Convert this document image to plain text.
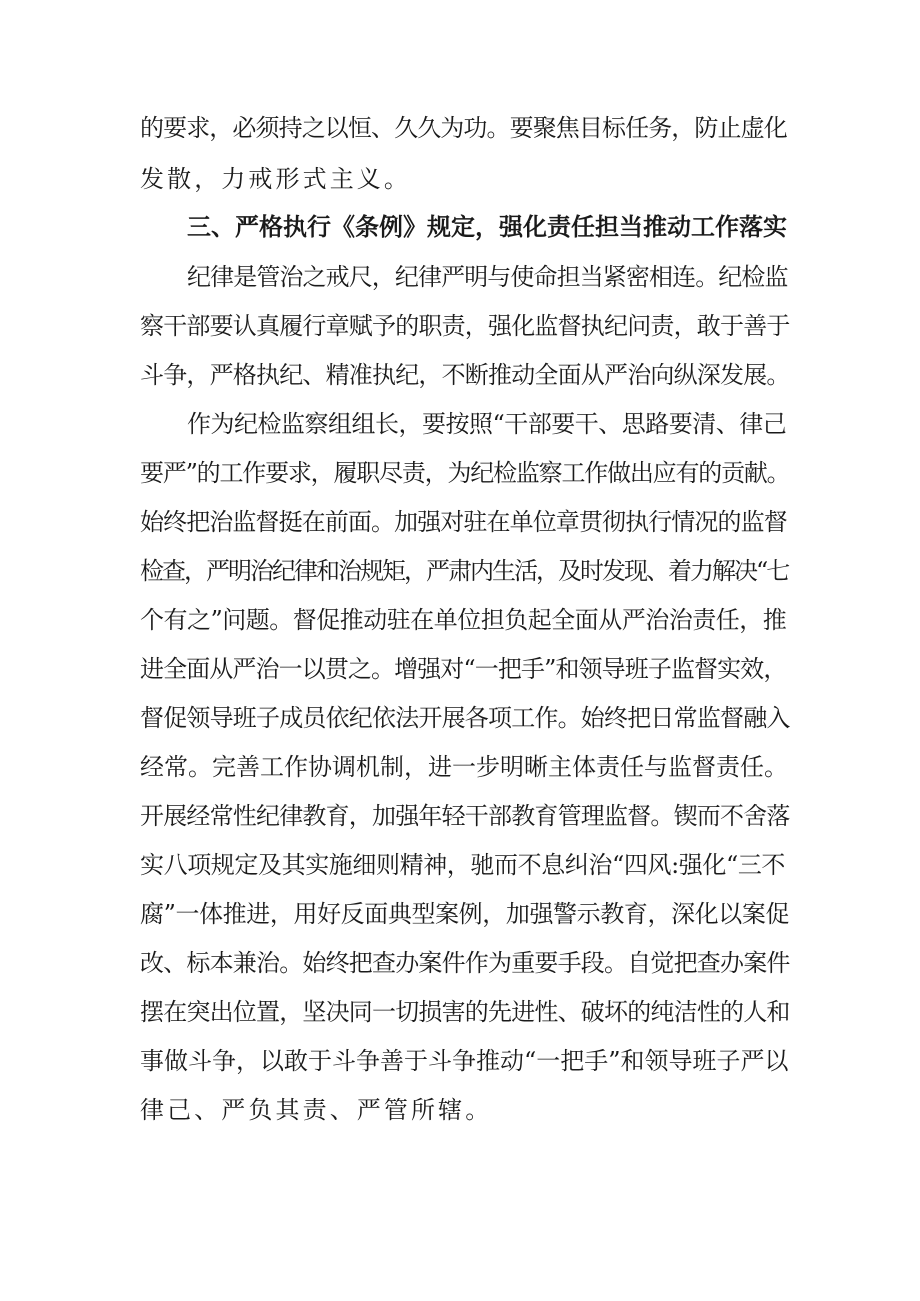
的要求，必须持之以恒、久久为功。要聚焦目标任务，防止虚化
发散，力戒形式主义。
三、严格执行《条例》规定，强化责任担当推动工作落实
纪律是管治之戒尺，纪律严明与使命担当紧密相连。纪检监
察干部要认真履行章赋予的职责，强化监督执纪问责，敢于善于
斗争，严格执纪、精准执纪，不断推动全面从严治向纵深发展。
作为纪检监察组组长，要按照“干部要干、思路要清、律己
要严”的工作要求，履职尽责，为纪检监察工作做出应有的贡献。
始终把治监督挺在前面。加强对驻在单位章贯彻执行情况的监督
检查，严明治纪律和治规矩，严肃内生活，及时发现、着力解决“七
个有之”问题。督促推动驻在单位担负起全面从严治治责任，推
进全面从严治一以贯之。增强对“一把手”和领导班子监督实效，
督促领导班子成员依纪依法开展各项工作。始终把日常监督融入
经常。完善工作协调机制，进一步明晰主体责任与监督责任。
开展经常性纪律教育，加强年轻干部教育管理监督。锲而不舍落
实八项规定及其实施细则精神，驰而不息纠治“四风:强化“三不
腐”一体推进，用好反面典型案例，加强警示教育，深化以案促
改、标本兼治。始终把查办案件作为重要手段。自觉把查办案件
摆在突出位置，坚决同一切损害的先进性、破坏的纯洁性的人和
事做斗争，以敢于斗争善于斗争推动“一把手”和领导班子严以
律己、严负其责、严管所辖。
